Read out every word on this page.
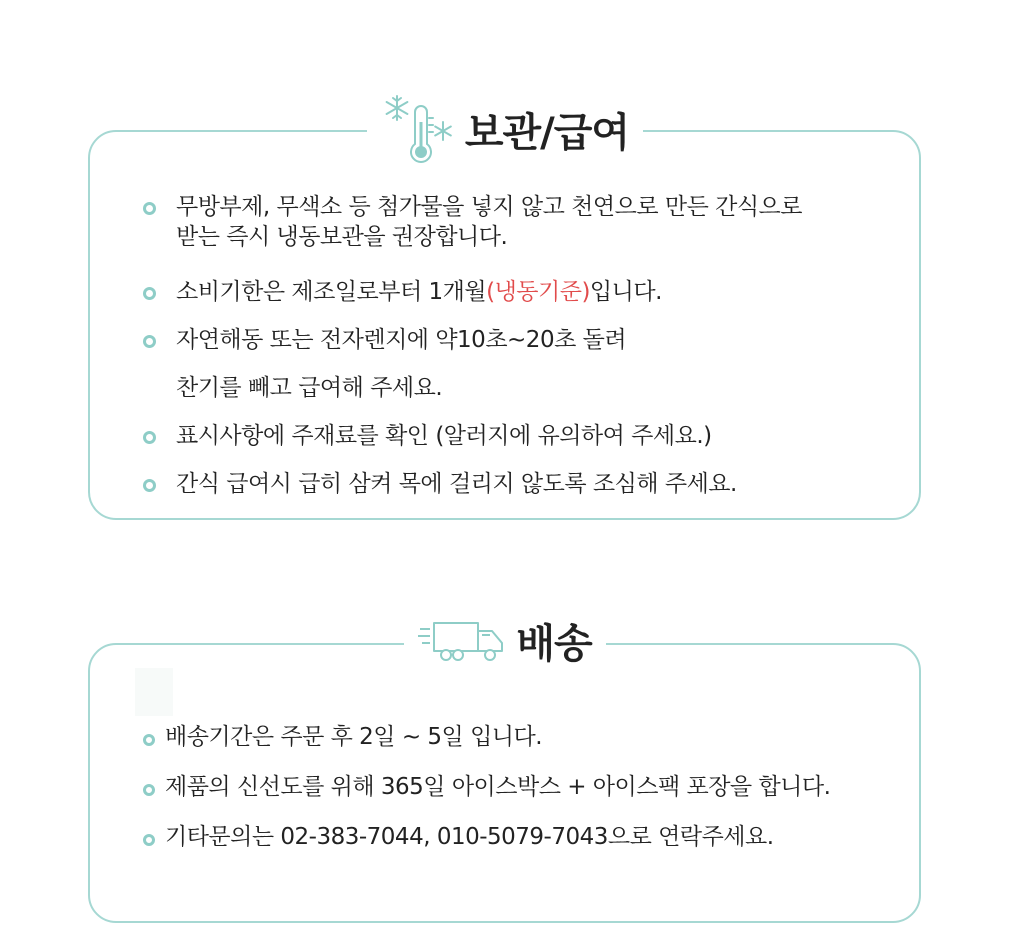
보관/급여
무방부제, 무색소 등 첨가물을 넣지 않고 천연으로 만든 간식으로
받는 즉시 냉동보관을 권장합니다.
소비기한은 제조일로부터 1개월(냉동기준)입니다.
자연해동 또는 전자렌지에 약10초~20초 돌려
찬기를 빼고 급여해 주세요.
표시사항에 주재료를 확인 (알러지에 유의하여 주세요.)
간식 급여시 급히 삼켜 목에 걸리지 않도록 조심해 주세요.
배송
배송기간은 주문 후 2일 ~ 5일 입니다.
제품의 신선도를 위해 365일 아이스박스 + 아이스팩 포장을 합니다.
기타문의는 02-383-7044, 010-5079-7043으로 연락주세요.
